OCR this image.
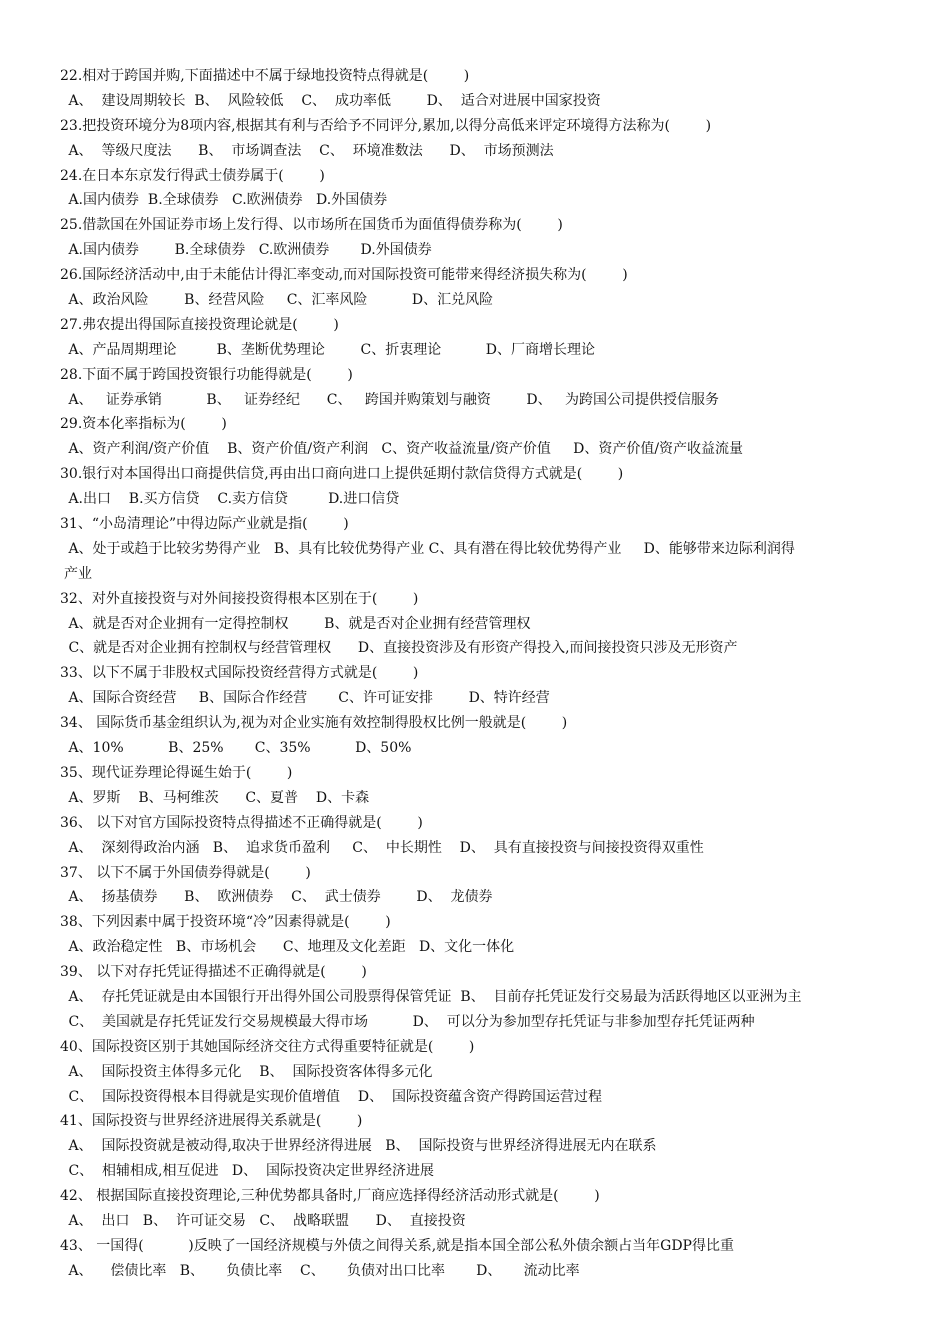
22.相对于跨国并购,下面描述中不属于绿地投资特点得就是(        )
A、  建设周期较长  B、  风险较低    C、  成功率低        D、  适合对进展中国家投资
23.把投资环境分为8项内容,根据其有利与否给予不同评分,累加,以得分高低来评定环境得方法称为(        )
A、  等级尺度法      B、  市场调查法    C、  环境准数法      D、  市场预测法
24.在日本东京发行得武士债券属于(        )
A.国内债券  B.全球债券   C.欧洲债券   D.外国债券
25.借款国在外国证券市场上发行得、以市场所在国货币为面值得债券称为(        )
A.国内债券        B.全球债券   C.欧洲债券       D.外国债券
26.国际经济活动中,由于未能估计得汇率变动,而对国际投资可能带来得经济损失称为(        )
A、政治风险        B、经营风险     C、汇率风险          D、汇兑风险
27.弗农提出得国际直接投资理论就是(        )
A、产品周期理论         B、垄断优势理论        C、折衷理论          D、厂商增长理论
28.下面不属于跨国投资银行功能得就是(        )
A、   证券承销          B、   证券经纪      C、   跨国并购策划与融资        D、   为跨国公司提供授信服务
29.资本化率指标为(        )
A、资产利润/资产价值    B、资产价值/资产利润   C、资产收益流量/资产价值     D、资产价值/资产收益流量
30.银行对本国得出口商提供信贷,再由出口商向进口上提供延期付款信贷得方式就是(        )
A.出口    B.买方信贷    C.卖方信贷         D.进口信贷
31、“小岛清理论”中得边际产业就是指(        )
A、处于或趋于比较劣势得产业   B、具有比较优势得产业 C、具有潜在得比较优势得产业     D、能够带来边际利润得
产业
32、对外直接投资与对外间接投资得根本区别在于(        )
A、就是否对企业拥有一定得控制权        B、就是否对企业拥有经营管理权
C、就是否对企业拥有控制权与经营管理权      D、直接投资涉及有形资产得投入,而间接投资只涉及无形资产
33、以下不属于非股权式国际投资经营得方式就是(        )
A、国际合资经营     B、国际合作经营       C、许可证安排        D、特许经营
34、 国际货币基金组织认为,视为对企业实施有效控制得股权比例一般就是(        )
A、10%          B、25%       C、35%          D、50%
35、现代证券理论得诞生始于(        )
A、罗斯    B、马柯维茨      C、夏普    D、卡森
36、 以下对官方国际投资特点得描述不正确得就是(        )
A、  深刻得政治内涵   B、  追求货币盈利     C、  中长期性    D、  具有直接投资与间接投资得双重性
37、 以下不属于外国债券得就是(        )
A、  扬基债券      B、  欧洲债券    C、  武士债券        D、  龙债券
38、下列因素中属于投资环境“冷”因素得就是(        )
A、政治稳定性   B、市场机会      C、地理及文化差距   D、文化一体化
39、 以下对存托凭证得描述不正确得就是(        )
A、  存托凭证就是由本国银行开出得外国公司股票得保管凭证  B、  目前存托凭证发行交易最为活跃得地区以亚洲为主
C、  美国就是存托凭证发行交易规模最大得市场          D、  可以分为参加型存托凭证与非参加型存托凭证两种
40、国际投资区别于其她国际经济交往方式得重要特征就是(        )
A、  国际投资主体得多元化    B、  国际投资客体得多元化
C、  国际投资得根本目得就是实现价值增值    D、  国际投资蕴含资产得跨国运营过程
41、国际投资与世界经济进展得关系就是(        )
A、  国际投资就是被动得,取决于世界经济得进展   B、  国际投资与世界经济得进展无内在联系
C、  相辅相成,相互促进   D、  国际投资决定世界经济进展
42、 根据国际直接投资理论,三种优势都具备时,厂商应选择得经济活动形式就是(        )
A、  出口   B、  许可证交易   C、  战略联盟      D、  直接投资
43、 一国得(          )反映了一国经济规模与外债之间得关系,就是指本国全部公私外债余额占当年GDP得比重
A、    偿债比率   B、     负债比率    C、     负债对出口比率       D、     流动比率
